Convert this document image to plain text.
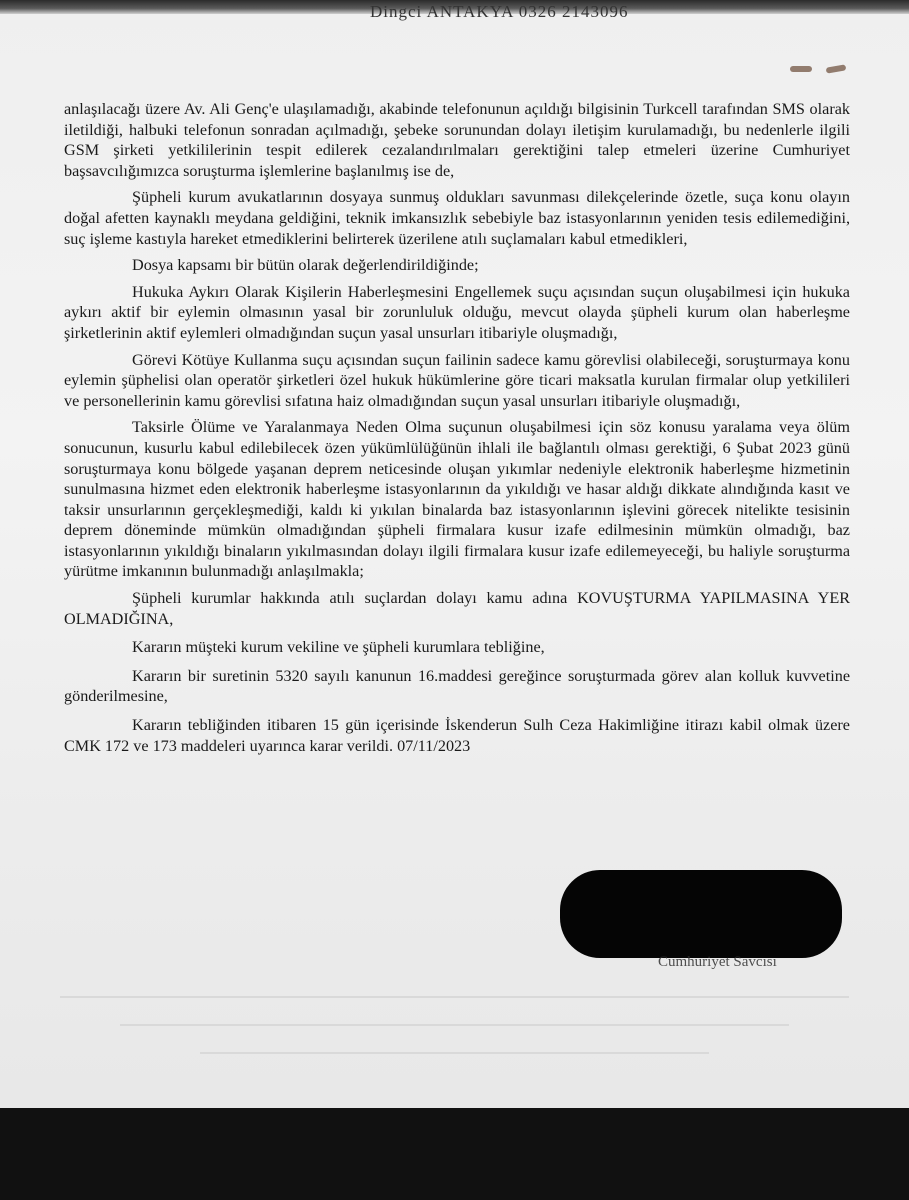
Dingci ANTAKYA 0326 2143096

anlaşılacağı üzere Av. Ali Genç'e ulaşılamadığı, akabinde telefonunun açıldığı bilgisinin Turkcell tarafından SMS olarak iletildiği, halbuki telefonun sonradan açılmadığı, şebeke sorunundan dolayı iletişim kurulamadığı, bu nedenlerle ilgili GSM şirketi yetkililerinin tespit edilerek cezalandırılmaları gerektiğini talep etmeleri üzerine Cumhuriyet başsavcılığımızca soruşturma işlemlerine başlanılmış ise de,

Şüpheli kurum avukatlarının dosyaya sunmuş oldukları savunması dilekçelerinde özetle, suça konu olayın doğal afetten kaynaklı meydana geldiğini, teknik imkansızlık sebebiyle baz istasyonlarının yeniden tesis edilemediğini, suç işleme kastıyla hareket etmediklerini belirterek üzerilene atılı suçlamaları kabul etmedikleri,

Dosya kapsamı bir bütün olarak değerlendirildiğinde;

Hukuka Aykırı Olarak Kişilerin Haberleşmesini Engellemek suçu açısından suçun oluşabilmesi için hukuka aykırı aktif bir eylemin olmasının yasal bir zorunluluk olduğu, mevcut olayda şüpheli kurum olan haberleşme şirketlerinin aktif eylemleri olmadığından suçun yasal unsurları itibariyle oluşmadığı,

Görevi Kötüye Kullanma suçu açısından suçun failinin sadece kamu görevlisi olabileceği, soruşturmaya konu eylemin şüphelisi olan operatör şirketleri özel hukuk hükümlerine göre ticari maksatla kurulan firmalar olup yetkilileri ve personellerinin kamu görevlisi sıfatına haiz olmadığından suçun yasal unsurları itibariyle oluşmadığı,

Taksirle Ölüme ve Yaralanmaya Neden Olma suçunun oluşabilmesi için söz konusu yaralama veya ölüm sonucunun, kusurlu kabul edilebilecek özen yükümlülüğünün ihlali ile bağlantılı olması gerektiği, 6 Şubat 2023 günü soruşturmaya konu bölgede yaşanan deprem neticesinde oluşan yıkımlar nedeniyle elektronik haberleşme hizmetinin sunulmasına hizmet eden elektronik haberleşme istasyonlarının da yıkıldığı ve hasar aldığı dikkate alındığında kasıt ve taksir unsurlarının gerçekleşmediği, kaldı ki yıkılan binalarda baz istasyonlarının işlevini görecek nitelikte tesisinin deprem döneminde mümkün olmadığından şüpheli firmalara kusur izafe edilmesinin mümkün olmadığı, baz istasyonlarının yıkıldığı binaların yıkılmasından dolayı ilgili firmalara kusur izafe edilemeyeceği, bu haliyle soruşturma yürütme imkanının bulunmadığı anlaşılmakla;

Şüpheli kurumlar hakkında atılı suçlardan dolayı kamu adına KOVUŞTURMA YAPILMASINA YER OLMADIĞINA,

Kararın müşteki kurum vekiline ve şüpheli kurumlara tebliğine,

Kararın bir suretinin 5320 sayılı kanunun 16.maddesi gereğince soruşturmada görev alan kolluk kuvvetine gönderilmesine,

Kararın tebliğinden itibaren 15 gün içerisinde İskenderun Sulh Ceza Hakimliğine itirazı kabil olmak üzere CMK 172 ve 173 maddeleri uyarınca karar verildi. 07/11/2023

Cumhuriyet Savcısı
